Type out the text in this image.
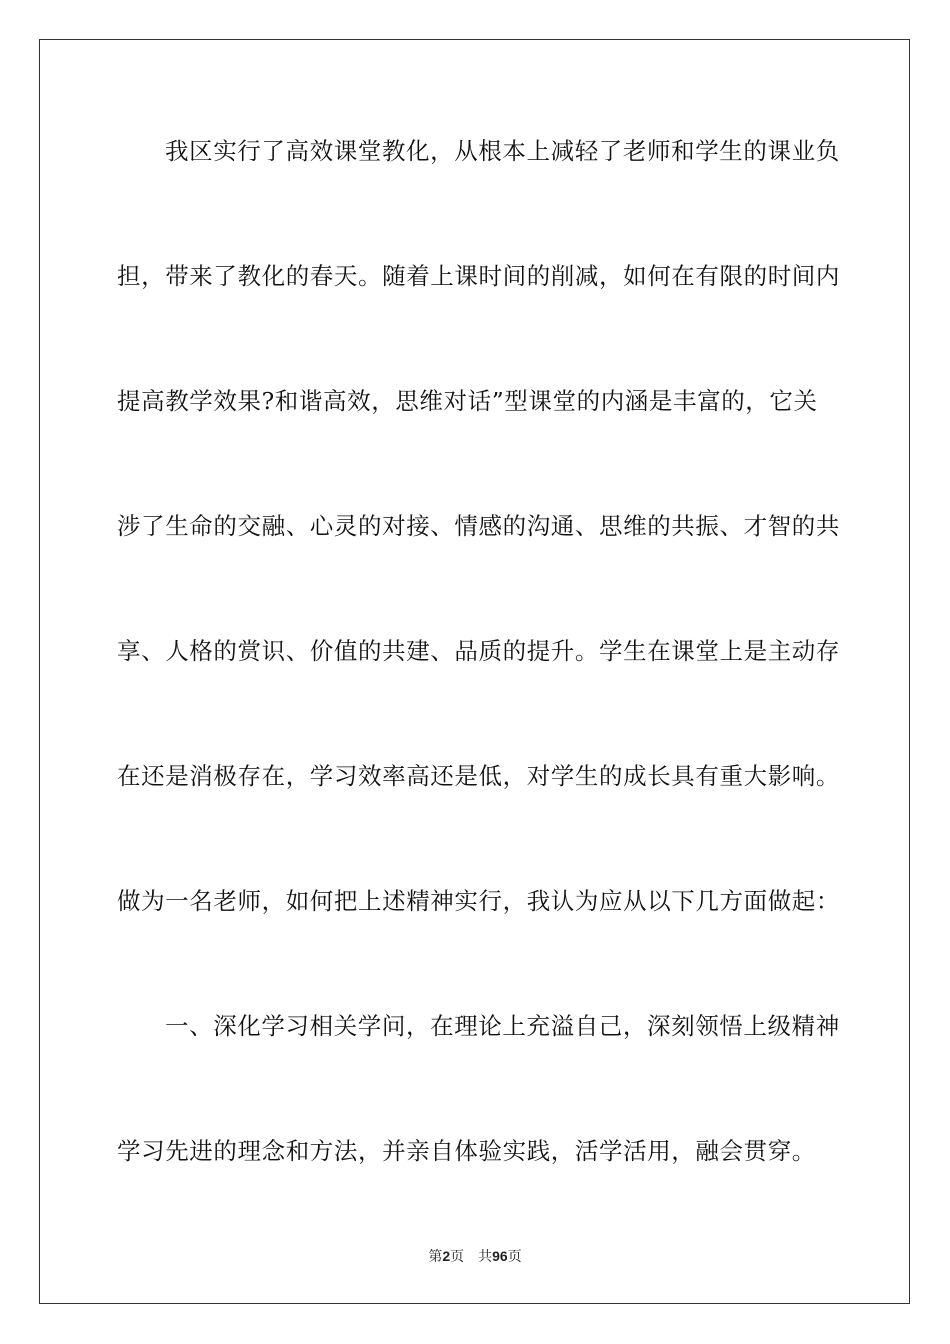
我区实行了高效课堂教化，从根本上减轻了老师和学生的课业负
担，带来了教化的春天。随着上课时间的削减，如何在有限的时间内
提高教学效果?和谐高效，思维对话”型课堂的内涵是丰富的，它关
涉了生命的交融、心灵的对接、情感的沟通、思维的共振、才智的共
享、人格的赏识、价值的共建、品质的提升。学生在课堂上是主动存
在还是消极存在，学习效率高还是低，对学生的成长具有重大影响。
做为一名老师，如何把上述精神实行，我认为应从以下几方面做起：
一、深化学习相关学问，在理论上充溢自己，深刻领悟上级精神
学习先进的理念和方法，并亲自体验实践，活学活用，融会贯穿。
第2页 共96页
